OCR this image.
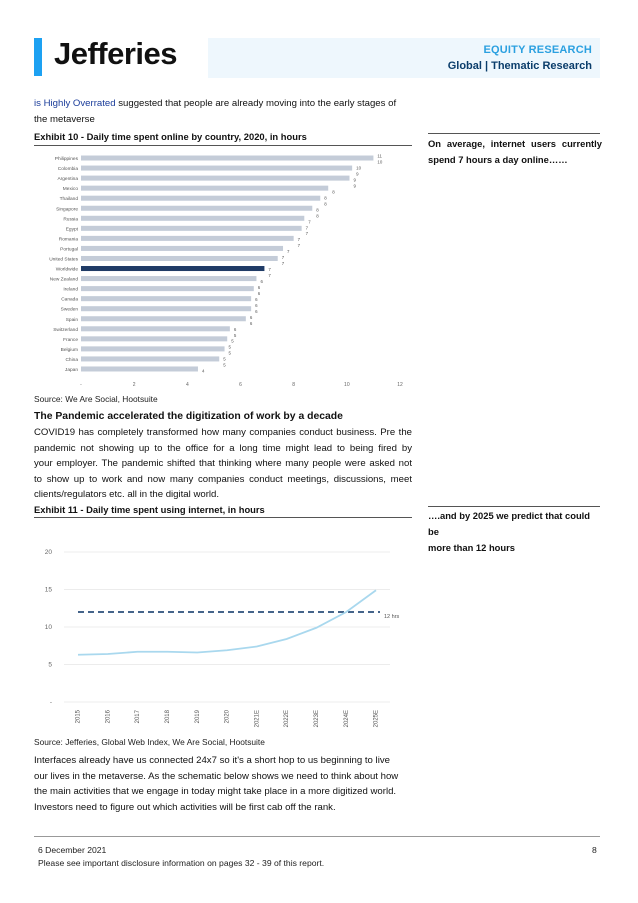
Jefferies	EQUITY RESEARCH
Global | Thematic Research
is Highly Overrated suggested that people are already moving into the early stages of
the metaverse
Exhibit 10 - Daily time spent online by country, 2020, in hours
On average, internet users currently
spend 7 hours a day online……
Philippines
Colombia
Argentina
Mexico
Thailand
Singapore
Russia
Egypt
Romania
Portugal
United States
Worldwide
New Zealand
Ireland
Canada
Sweden
Spain
Switzerland
France
Belgium
China
Japan
11
10
10
9
9
9
8
8
8
8
8
7
7
7
7
7
7
7
7
7
7
6
6
6
6
6
6
6
6
6
5
5
5
5
5
5
4
-	2	4	6	8	10	12
Source: We Are Social, Hootsuite
The Pandemic accelerated the digitization of work by a decade
COVID19 has completely transformed how many companies conduct business. Pre the
pandemic not showing up to the office for a long time might lead to being fired by
your employer. The pandemic shifted that thinking where many people were asked not
to show up to work and now many companies conduct meetings, discussions, meet
clients/regulators etc. all in the digital world.
Exhibit 11 - Daily time spent using internet, in hours
….and by 2025 we predict that could be
more than 12 hours
-
5
10
15
20
12 hrs
2015	2016	2017	2018	2019	2020	2021E	2022E	2023E	2024E	2025E
Source: Jefferies, Global Web Index, We Are Social, Hootsuite
Interfaces already have us connected 24x7 so it's a short hop to us beginning to live
our lives in the metaverse. As the schematic below shows we need to think about how
the main activities that we engage in today might take place in a more digitized world.
Investors need to figure out which activities will be first cab off the rank.
6 December 2021	8
Please see important disclosure information on pages 32 - 39 of this report.
